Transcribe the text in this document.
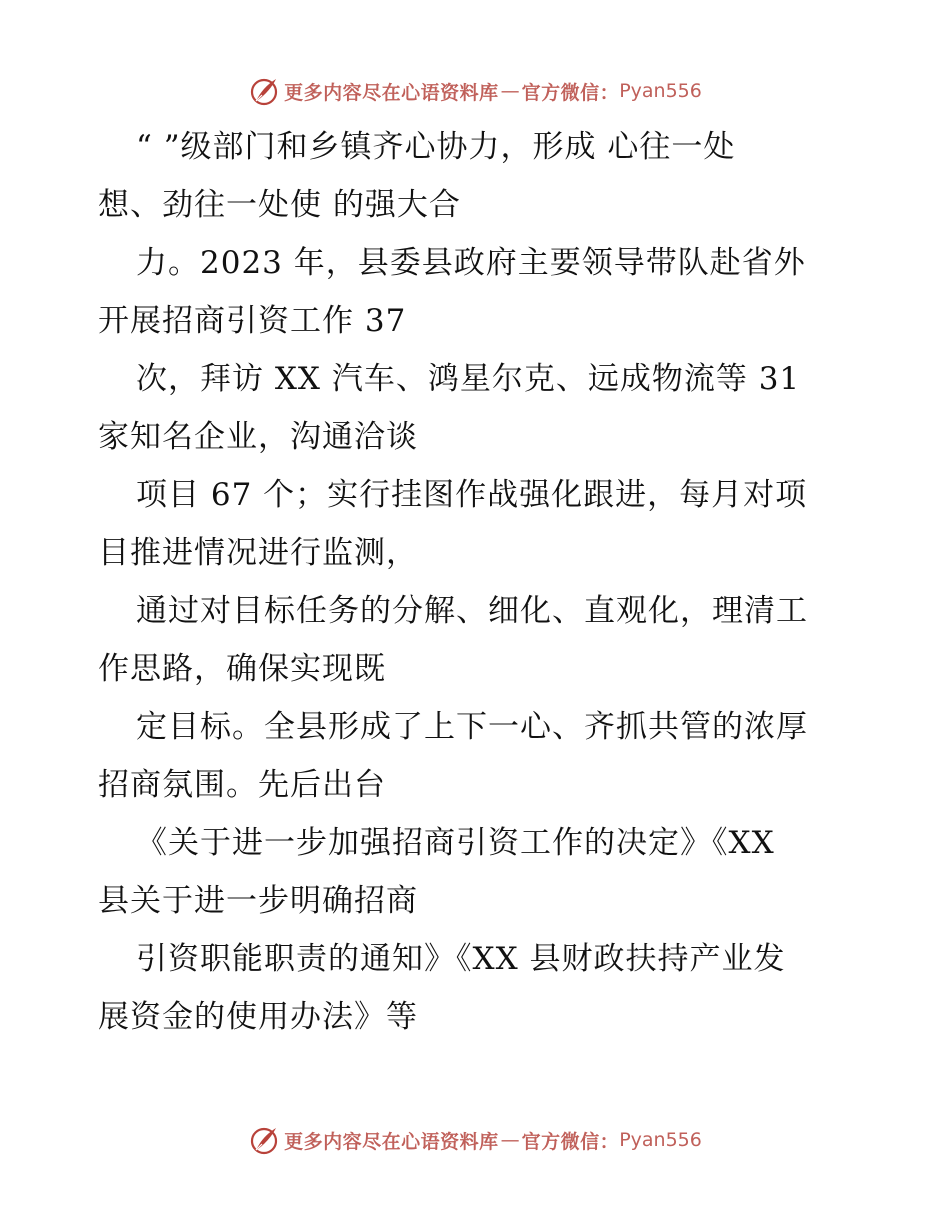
更多内容尽在心语资料库 — 官方微信： Pyan556
“ ”级部门和乡镇齐心协力，形成 心往一处
想、劲往一处使 的强大合
力。2023 年，县委县政府主要领导带队赴省外
开展招商引资工作 37
次，拜访 XX 汽车、鸿星尔克、远成物流等 31
家知名企业，沟通洽谈
项目 67 个；实行挂图作战强化跟进，每月对项
目推进情况进行监测，
通过对目标任务的分解、细化、直观化，理清工
作思路，确保实现既
定目标。全县形成了上下一心、齐抓共管的浓厚
招商氛围。先后出台
《关于进一步加强招商引资工作的决定》《XX
县关于进一步明确招商
引资职能职责的通知》《XX 县财政扶持产业发
展资金的使用办法》等
更多内容尽在心语资料库 — 官方微信： Pyan556
